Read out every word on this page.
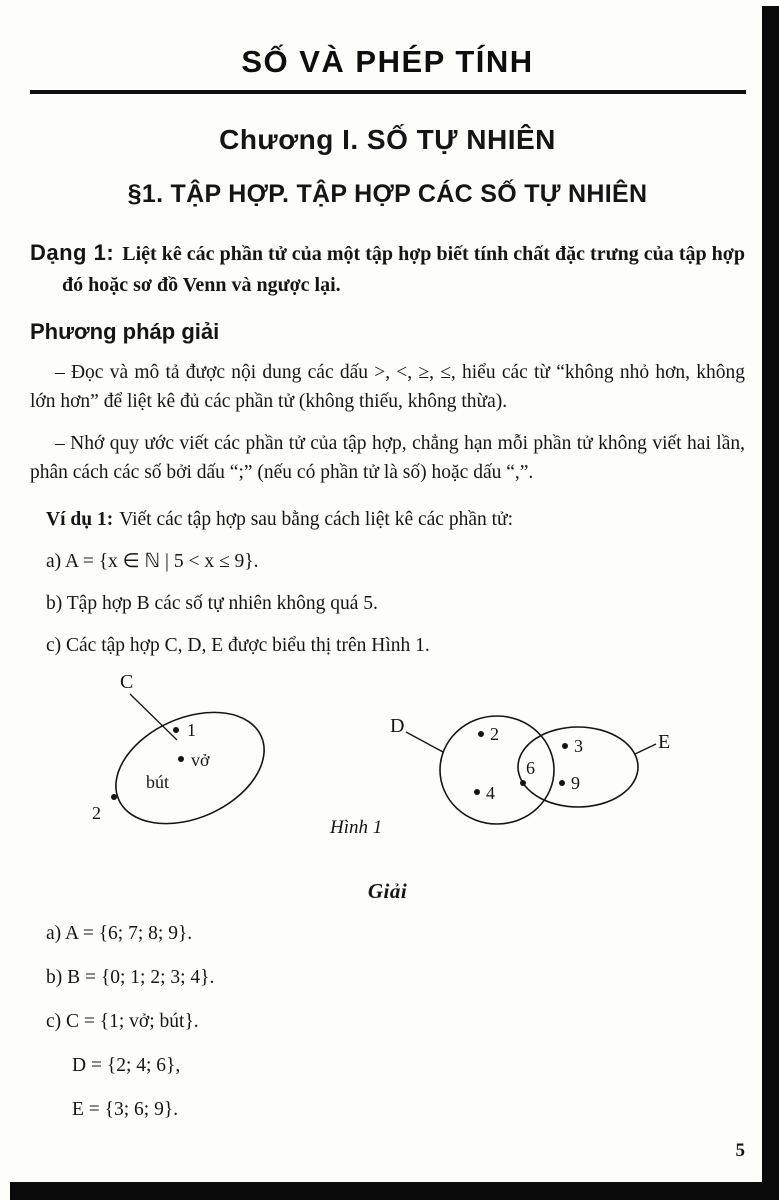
SỐ VÀ PHÉP TÍNH
Chương I. SỐ TỰ NHIÊN
§1. TẬP HỢP. TẬP HỢP CÁC SỐ TỰ NHIÊN

Dạng 1: Liệt kê các phần tử của một tập hợp biết tính chất đặc trưng của tập hợp đó hoặc sơ đồ Venn và ngược lại.

Phương pháp giải

– Đọc và mô tả được nội dung các dấu >, <, ≥, ≤, hiểu các từ “không nhỏ hơn, không lớn hơn” để liệt kê đủ các phần tử (không thiếu, không thừa).

– Nhớ quy ước viết các phần tử của tập hợp, chẳng hạn mỗi phần tử không viết hai lần, phân cách các số bởi dấu “;” (nếu có phần tử là số) hoặc dấu “,”.

Ví dụ 1: Viết các tập hợp sau bằng cách liệt kê các phần tử:

a) A = {x ∈ ℕ | 5 < x ≤ 9}.

b) Tập hợp B các số tự nhiên không quá 5.

c) Các tập hợp C, D, E được biểu thị trên Hình 1.

C
1
vở
bút
2
D	2
4
E
6
3
9
Hình 1
Giải

a) A = {6; 7; 8; 9}.

b) B = {0; 1; 2; 3; 4}.

c) C = {1; vở; bút}.

D = {2; 4; 6},

E = {3; 6; 9}.

5
